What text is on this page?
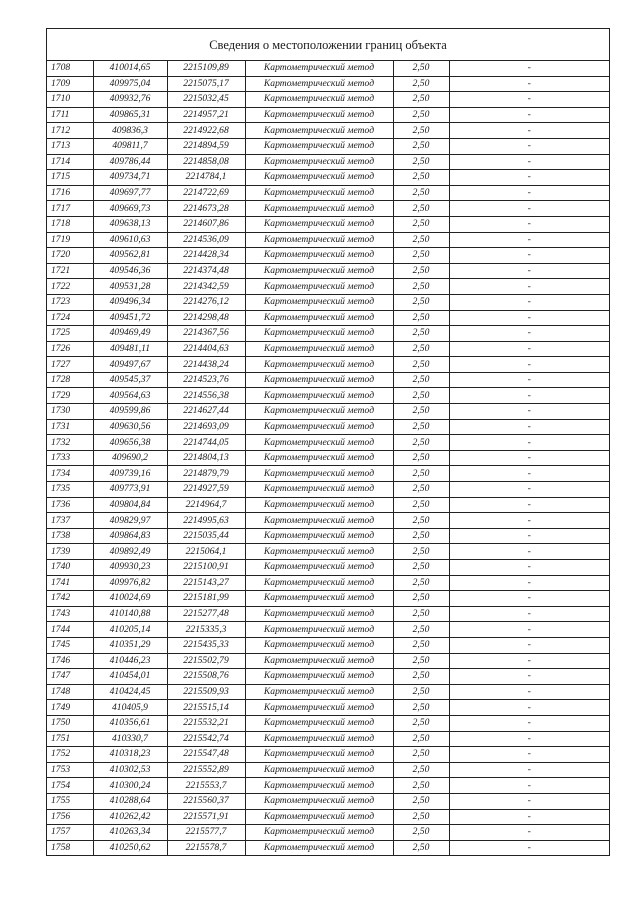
Сведения о местоположении границ объекта
1708	410014,65	2215109,89	Картометрический метод	2,50	-
1709	409975,04	2215075,17	Картометрический метод	2,50	-
1710	409932,76	2215032,45	Картометрический метод	2,50	-
1711	409865,31	2214957,21	Картометрический метод	2,50	-
1712	409836,3	2214922,68	Картометрический метод	2,50	-
1713	409811,7	2214894,59	Картометрический метод	2,50	-
1714	409786,44	2214858,08	Картометрический метод	2,50	-
1715	409734,71	2214784,1	Картометрический метод	2,50	-
1716	409697,77	2214722,69	Картометрический метод	2,50	-
1717	409669,73	2214673,28	Картометрический метод	2,50	-
1718	409638,13	2214607,86	Картометрический метод	2,50	-
1719	409610,63	2214536,09	Картометрический метод	2,50	-
1720	409562,81	2214428,34	Картометрический метод	2,50	-
1721	409546,36	2214374,48	Картометрический метод	2,50	-
1722	409531,28	2214342,59	Картометрический метод	2,50	-
1723	409496,34	2214276,12	Картометрический метод	2,50	-
1724	409451,72	2214298,48	Картометрический метод	2,50	-
1725	409469,49	2214367,56	Картометрический метод	2,50	-
1726	409481,11	2214404,63	Картометрический метод	2,50	-
1727	409497,67	2214438,24	Картометрический метод	2,50	-
1728	409545,37	2214523,76	Картометрический метод	2,50	-
1729	409564,63	2214556,38	Картометрический метод	2,50	-
1730	409599,86	2214627,44	Картометрический метод	2,50	-
1731	409630,56	2214693,09	Картометрический метод	2,50	-
1732	409656,38	2214744,05	Картометрический метод	2,50	-
1733	409690,2	2214804,13	Картометрический метод	2,50	-
1734	409739,16	2214879,79	Картометрический метод	2,50	-
1735	409773,91	2214927,59	Картометрический метод	2,50	-
1736	409804,84	2214964,7	Картометрический метод	2,50	-
1737	409829,97	2214995,63	Картометрический метод	2,50	-
1738	409864,83	2215035,44	Картометрический метод	2,50	-
1739	409892,49	2215064,1	Картометрический метод	2,50	-
1740	409930,23	2215100,91	Картометрический метод	2,50	-
1741	409976,82	2215143,27	Картометрический метод	2,50	-
1742	410024,69	2215181,99	Картометрический метод	2,50	-
1743	410140,88	2215277,48	Картометрический метод	2,50	-
1744	410205,14	2215335,3	Картометрический метод	2,50	-
1745	410351,29	2215435,33	Картометрический метод	2,50	-
1746	410446,23	2215502,79	Картометрический метод	2,50	-
1747	410454,01	2215508,76	Картометрический метод	2,50	-
1748	410424,45	2215509,93	Картометрический метод	2,50	-
1749	410405,9	2215515,14	Картометрический метод	2,50	-
1750	410356,61	2215532,21	Картометрический метод	2,50	-
1751	410330,7	2215542,74	Картометрический метод	2,50	-
1752	410318,23	2215547,48	Картометрический метод	2,50	-
1753	410302,53	2215552,89	Картометрический метод	2,50	-
1754	410300,24	2215553,7	Картометрический метод	2,50	-
1755	410288,64	2215560,37	Картометрический метод	2,50	-
1756	410262,42	2215571,91	Картометрический метод	2,50	-
1757	410263,34	2215577,7	Картометрический метод	2,50	-
1758	410250,62	2215578,7	Картометрический метод	2,50	-
